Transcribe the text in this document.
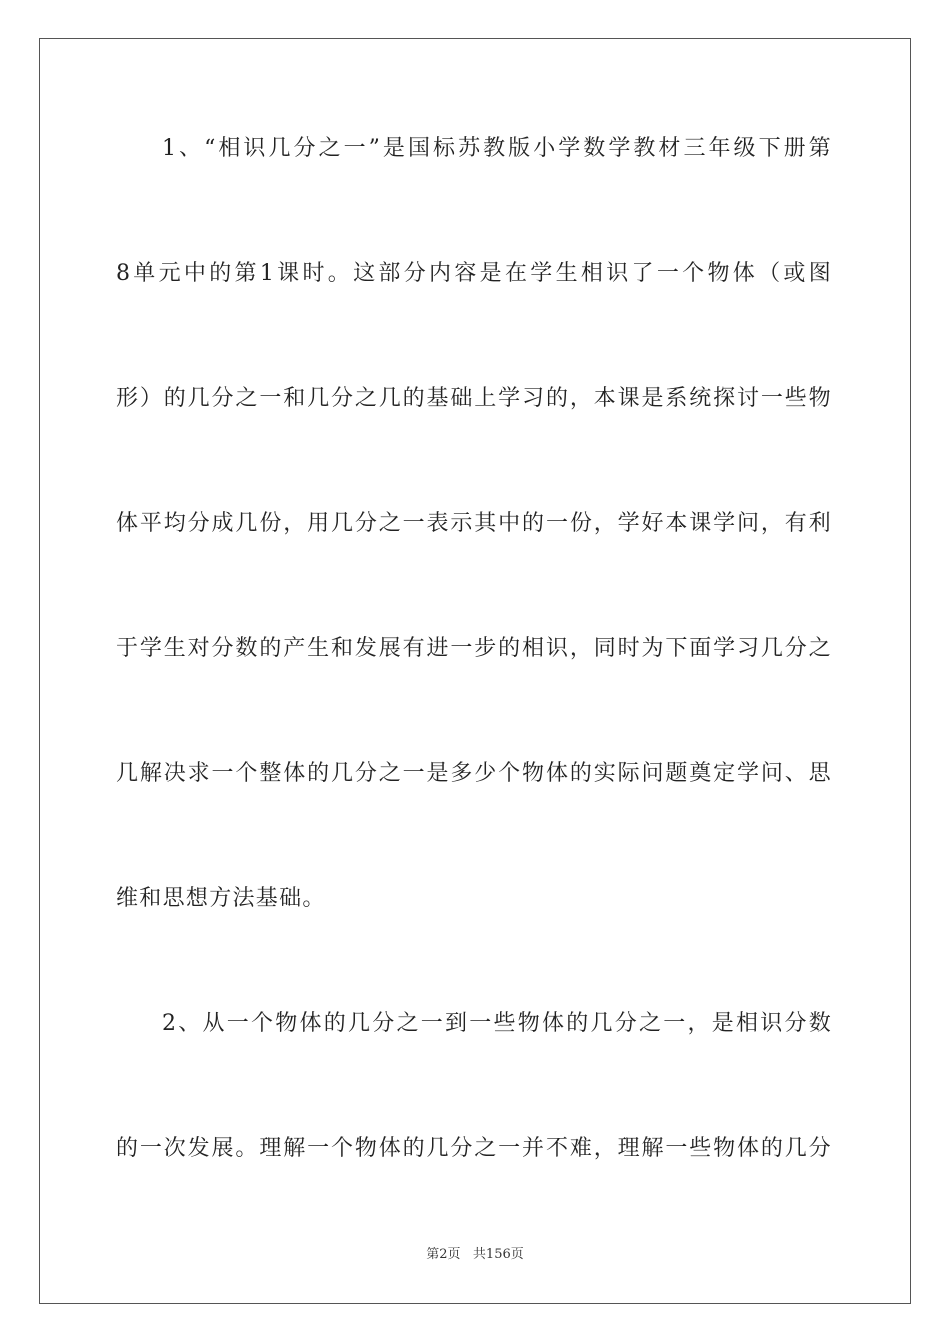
1、“相识几分之一”是国标苏教版小学数学教材三年级下册第
8单元中的第1课时。这部分内容是在学生相识了一个物体（或图
形）的几分之一和几分之几的基础上学习的，本课是系统探讨一些物
体平均分成几份，用几分之一表示其中的一份，学好本课学问，有利
于学生对分数的产生和发展有进一步的相识，同时为下面学习几分之
几解决求一个整体的几分之一是多少个物体的实际问题奠定学问、思
维和思想方法基础。
2、从一个物体的几分之一到一些物体的几分之一，是相识分数
的一次发展。理解一个物体的几分之一并不难，理解一些物体的几分
第2页 共156页
